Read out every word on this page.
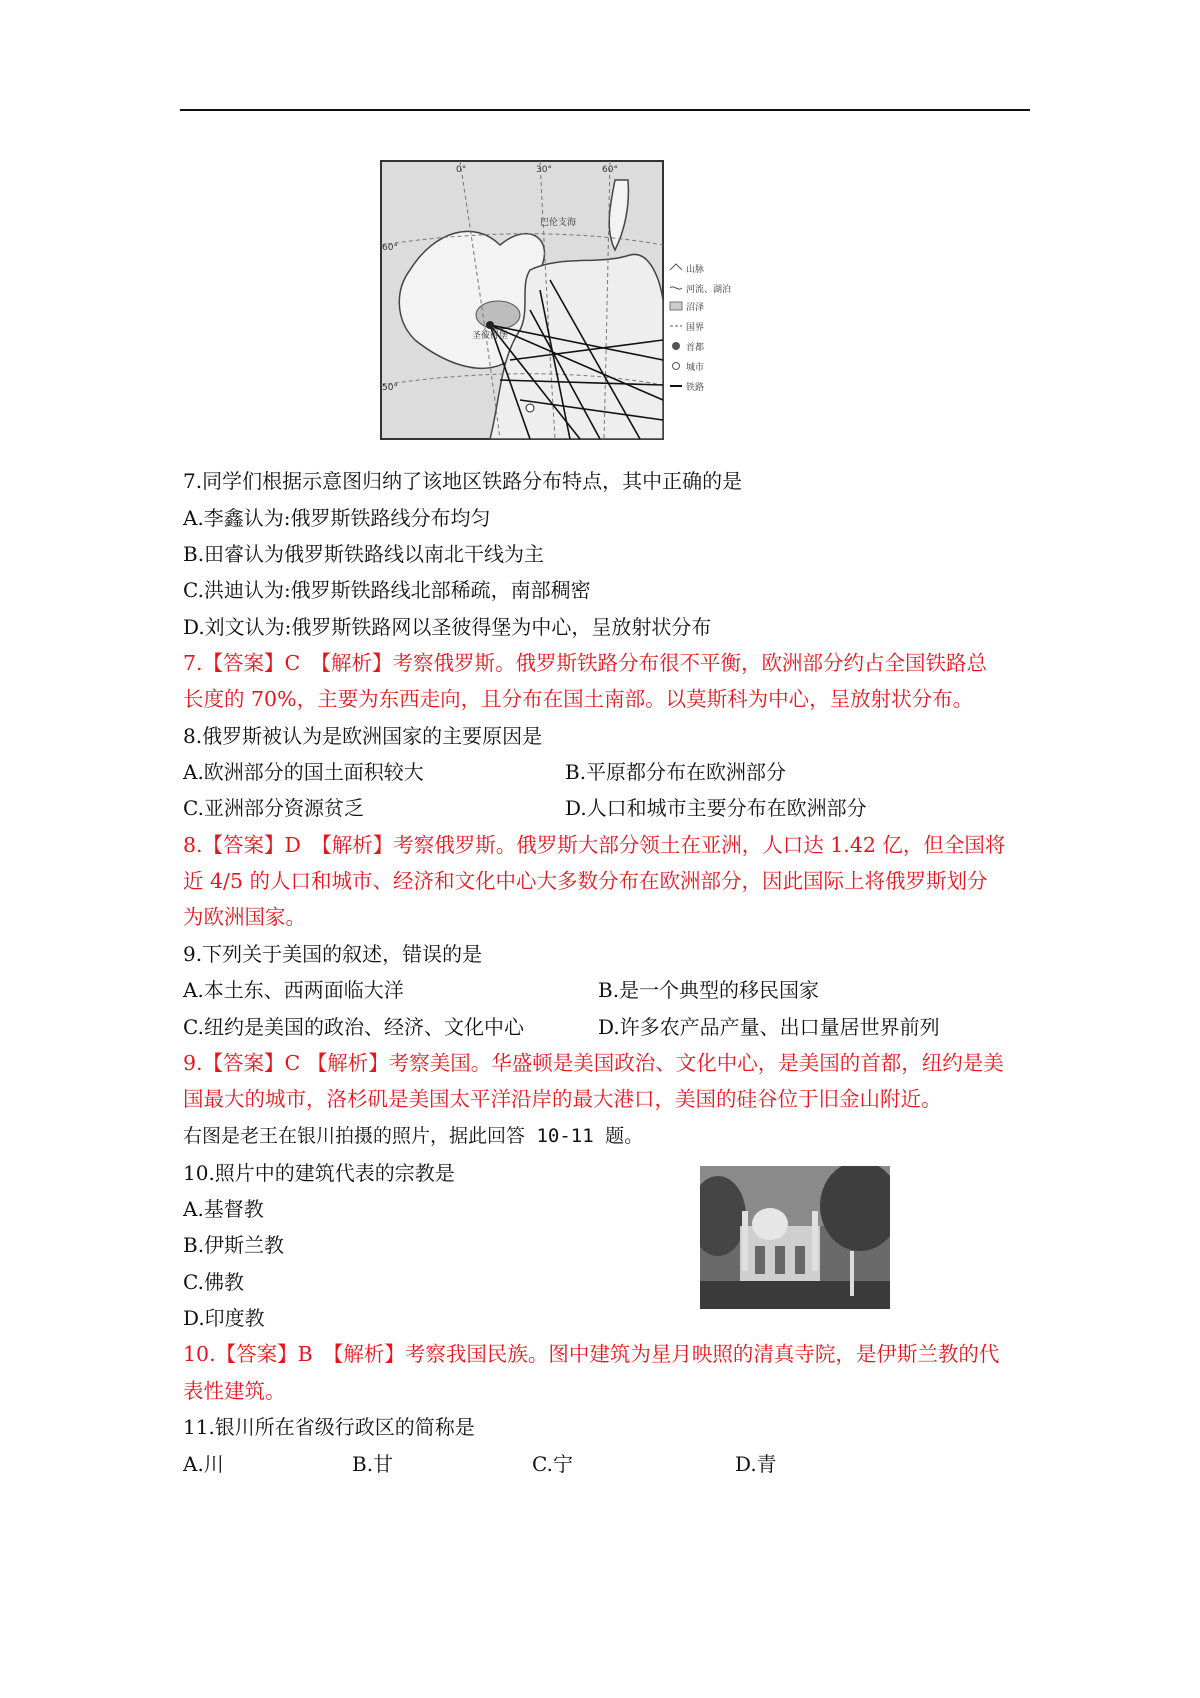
0°	30°	60°
60°
50°
巴伦支海
圣彼得堡
山脉
河流、湖泊
沼泽
国界
首都
城市
铁路
7.同学们根据示意图归纳了该地区铁路分布特点，其中正确的是
A.李鑫认为:俄罗斯铁路线分布均匀
B.田睿认为俄罗斯铁路线以南北干线为主
C.洪迪认为:俄罗斯铁路线北部稀疏，南部稠密
D.刘文认为:俄罗斯铁路网以圣彼得堡为中心，呈放射状分布
7.【答案】C　【解析】考察俄罗斯。俄罗斯铁路分布很不平衡，欧洲部分约占全国铁路总
长度的 70%，主要为东西走向，且分布在国土南部。以莫斯科为中心，呈放射状分布。
8.俄罗斯被认为是欧洲国家的主要原因是
A.欧洲部分的国土面积较大	B.平原都分布在欧洲部分
C.亚洲部分资源贫乏	D.人口和城市主要分布在欧洲部分
8.【答案】D　【解析】考察俄罗斯。俄罗斯大部分领土在亚洲，人口达 1.42 亿，但全国将
近 4/5 的人口和城市、经济和文化中心大多数分布在欧洲部分，因此国际上将俄罗斯划分
为欧洲国家。
9.下列关于美国的叙述，错误的是
A.本土东、西两面临大洋	B.是一个典型的移民国家
C.纽约是美国的政治、经济、文化中心	D.许多农产品产量、出口量居世界前列
9.【答案】C 【解析】考察美国。华盛顿是美国政治、文化中心，是美国的首都，纽约是美
国最大的城市，洛杉矶是美国太平洋沿岸的最大港口，美国的硅谷位于旧金山附近。
右图是老王在银川拍摄的照片，据此回答 10-11 题。
10.照片中的建筑代表的宗教是
A.基督教
B.伊斯兰教
C.佛教
D.印度教
10.【答案】B　【解析】考察我国民族。图中建筑为星月映照的清真寺院，是伊斯兰教的代
表性建筑。
11.银川所在省级行政区的简称是
A.川	B.甘	C.宁	D.青
